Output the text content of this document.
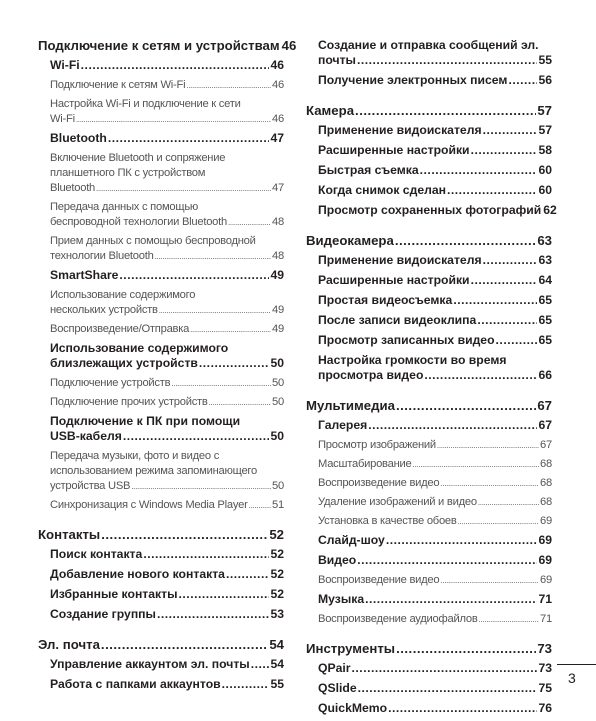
Подключение к сетям и устройствам 46
Wi-Fi .....	46
Подключение к сетям Wi-Fi .....	46
Настройка Wi-Fi и подключение к сети
Wi-Fi .....	46
Bluetooth .....	47
Включение Bluetooth и сопряжение
планшетного ПК с устройством
Bluetooth .....	47
Передача данных с помощью
беспроводной технологии Bluetooth .....	48
Прием данных с помощью беспроводной
технологии Bluetooth .....	48
SmartShare .....	49
Использование содержимого
нескольких устройств .....	49
Воспроизведение/Отправка .....	49
Использование содержимого
близлежащих устройств .....	50
Подключение устройств .....	50
Подключение прочих устройств .....	50
Подключение к ПК при помощи
USB-кабеля .....	50
Передача музыки, фото и видео с
использованием режима запоминающего
устройства USB .....	50
Синхронизация с Windows Media Player ..... 51
Контакты .....	52
Поиск контакта .....	52
Добавление нового контакта .....	52
Избранные контакты .....	52
Создание группы .....	53
Эл. почта .....	54
Управление аккаунтом эл. почты ..... 54
Работа с папками аккаунтов .....	55
Создание и отправка сообщений эл.
почты .....	55
Получение электронных писем .....	56
Камера .....	57
Применение видоискателя .....	57
Расширенные настройки .....	58
Быстрая съемка .....	60
Когда снимок сделан .....	60
Просмотр сохраненных фотографий 62
Видеокамера .....	63
Применение видоискателя .....	63
Расширенные настройки .....	64
Простая видеосъемка .....	65
После записи видеоклипа .....	65
Просмотр записанных видео .....	65
Настройка громкости во время
просмотра видео .....	66
Мультимедиа .....	67
Галерея .....	67
Просмотр изображений .....	67
Масштабирование .....	68
Воспроизведение видео .....	68
Удаление изображений и видео .....	68
Установка в качестве обоев .....	69
Слайд-шоу .....	69
Видео .....	69
Воспроизведение видео .....	69
Музыка .....	71
Воспроизведение аудиофайлов .....	71
Инструменты .....	73
QPair .....	73
QSlide .....	75
QuickMemo .....	76
3
